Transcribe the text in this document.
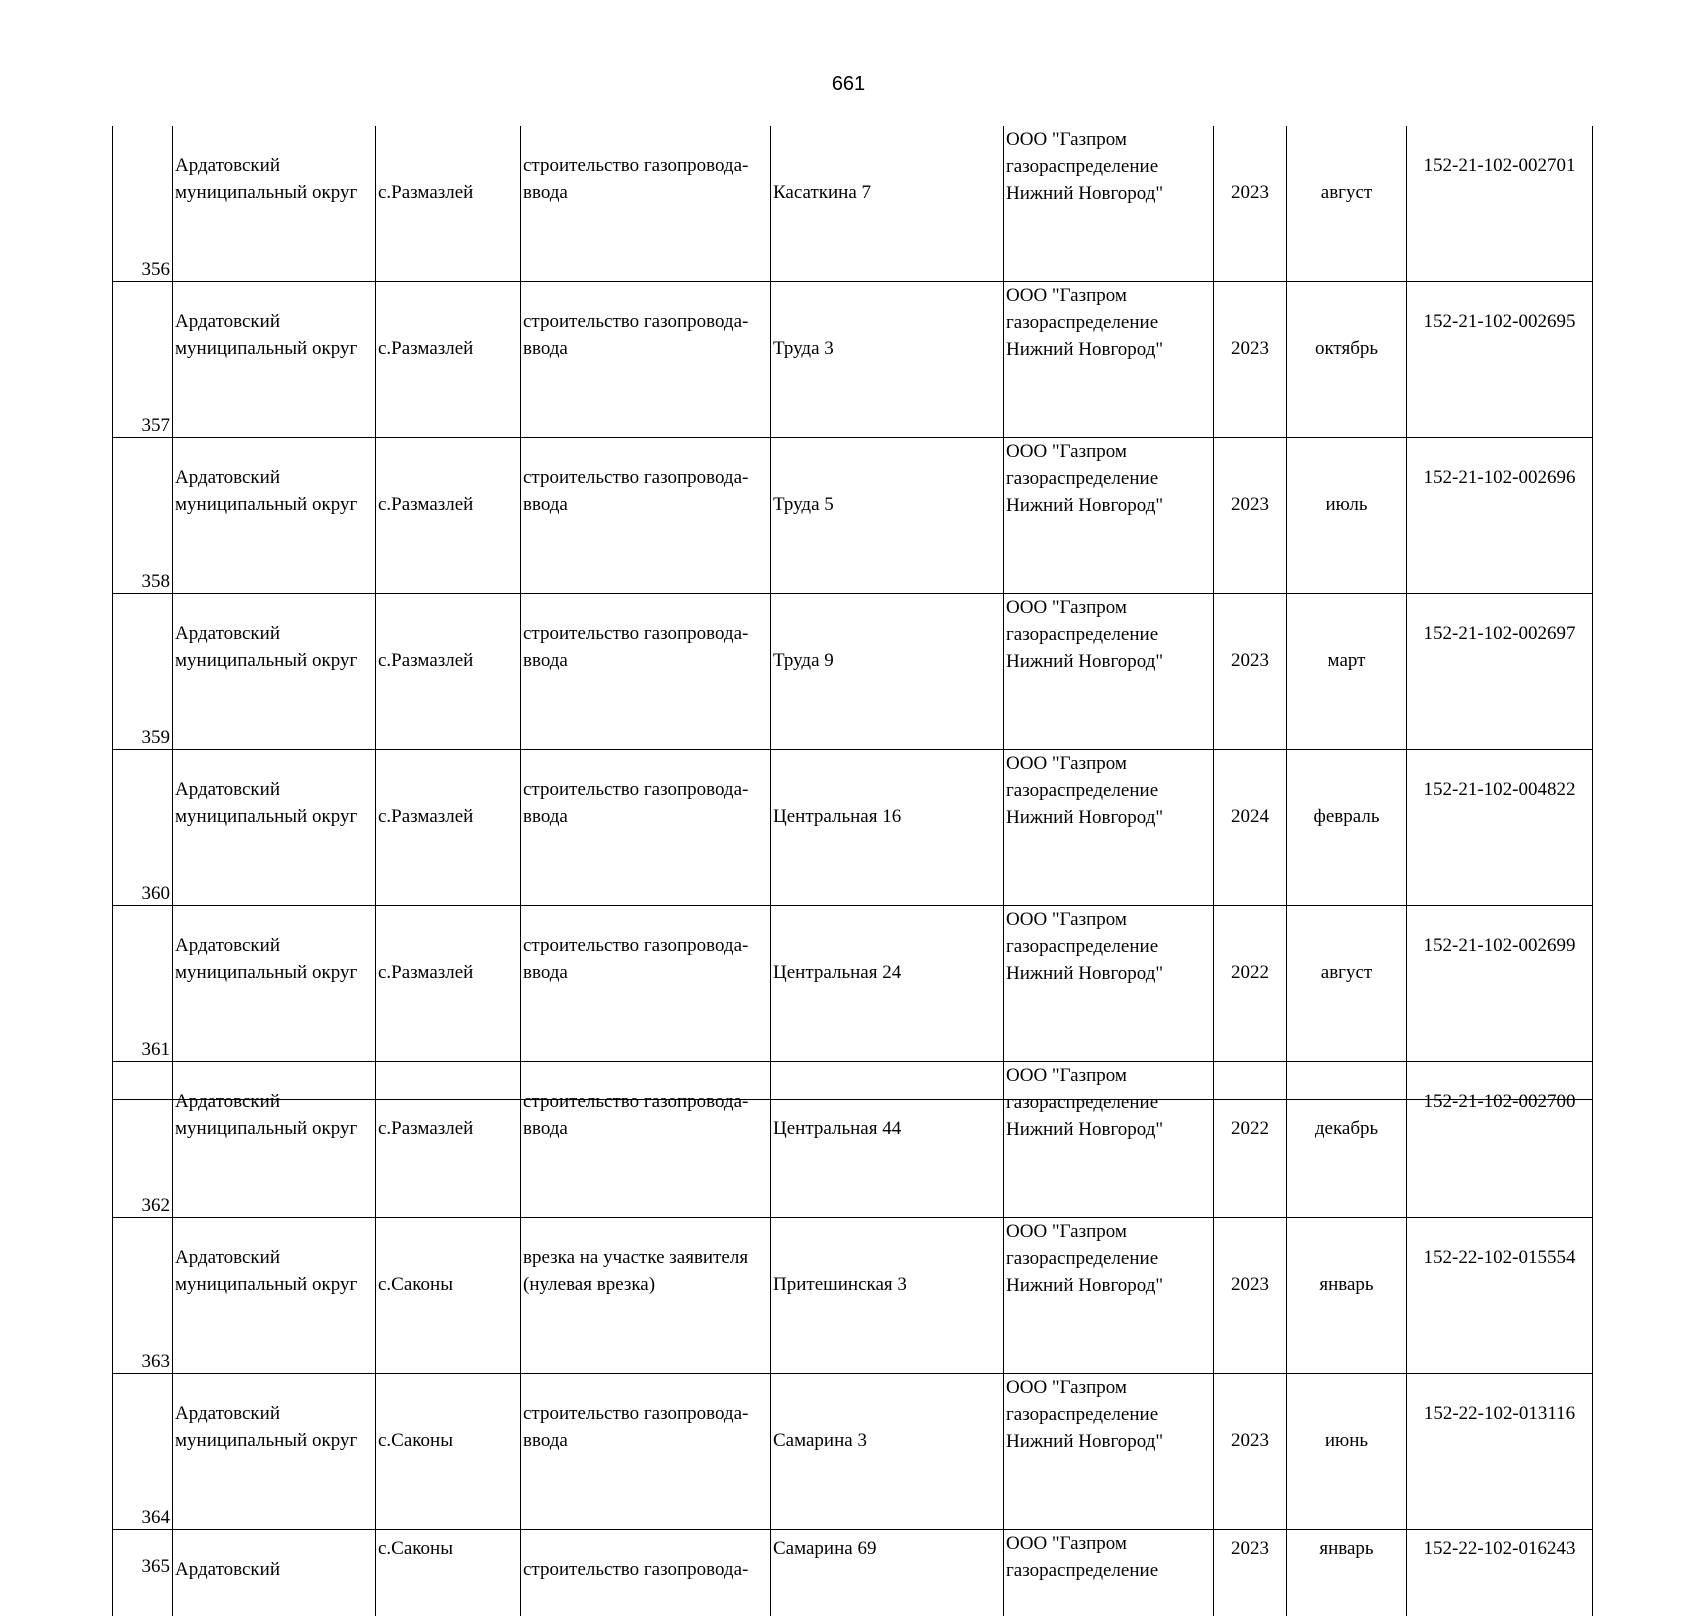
661
356	Ардатовский
муниципальный округ	с.Размазлей	строительство газопровода-
ввода	Касаткина 7	ООО "Газпром
газораспределение
Нижний Новгород"	2023	август	152-21-102-002701
357	Ардатовский
муниципальный округ	с.Размазлей	строительство газопровода-
ввода	Труда 3	ООО "Газпром
газораспределение
Нижний Новгород"	2023	октябрь	152-21-102-002695
358	Ардатовский
муниципальный округ	с.Размазлей	строительство газопровода-
ввода	Труда 5	ООО "Газпром
газораспределение
Нижний Новгород"	2023	июль	152-21-102-002696
359	Ардатовский
муниципальный округ	с.Размазлей	строительство газопровода-
ввода	Труда 9	ООО "Газпром
газораспределение
Нижний Новгород"	2023	март	152-21-102-002697
360	Ардатовский
муниципальный округ	с.Размазлей	строительство газопровода-
ввода	Центральная 16	ООО "Газпром
газораспределение
Нижний Новгород"	2024	февраль	152-21-102-004822
361	Ардатовский
муниципальный округ	с.Размазлей	строительство газопровода-
ввода	Центральная 24	ООО "Газпром
газораспределение
Нижний Новгород"	2022	август	152-21-102-002699
362	Ардатовский
муниципальный округ	с.Размазлей	строительство газопровода-
ввода	Центральная 44	ООО "Газпром
газораспределение
Нижний Новгород"	2022	декабрь	152-21-102-002700
363	Ардатовский
муниципальный округ	с.Саконы	врезка на участке заявителя
(нулевая врезка)	Притешинская 3	ООО "Газпром
газораспределение
Нижний Новгород"	2023	январь	152-22-102-015554
364	Ардатовский
муниципальный округ	с.Саконы	строительство газопровода-
ввода	Самарина 3	ООО "Газпром
газораспределение
Нижний Новгород"	2023	июнь	152-22-102-013116
365	Ардатовский	с.Саконы	строительство газопровода-	Самарина 69	ООО "Газпром
газораспределение	2023	январь	152-22-102-016243
